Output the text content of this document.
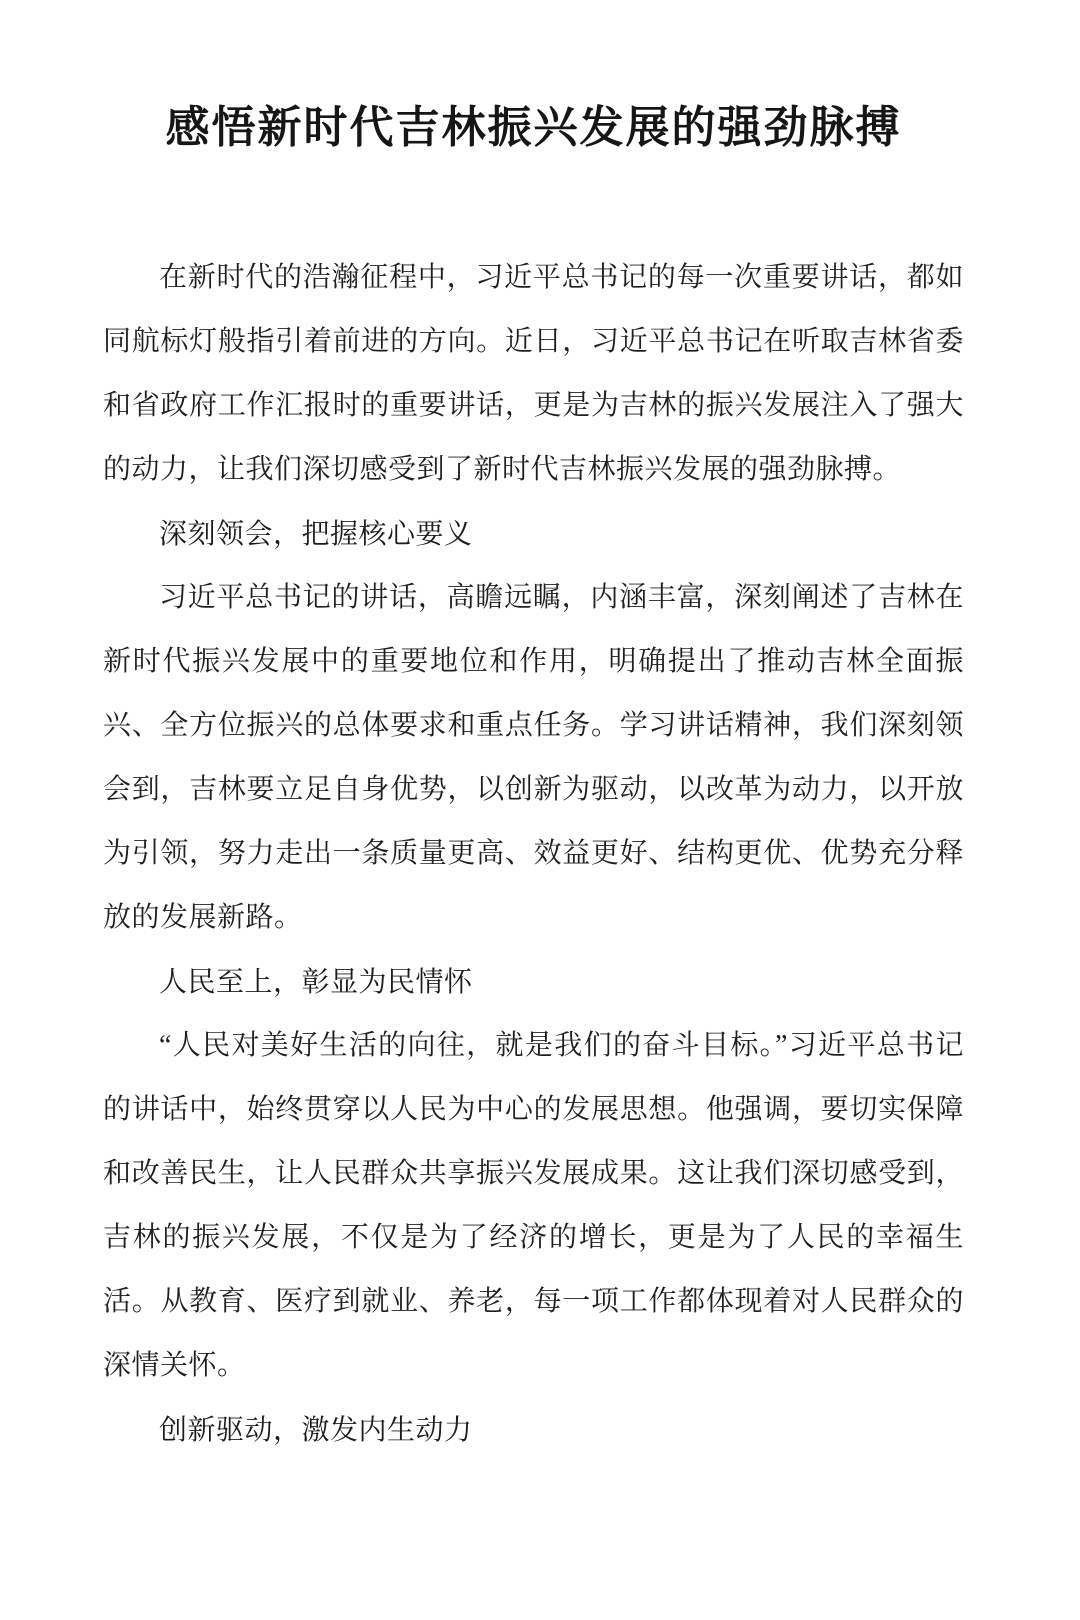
感悟新时代吉林振兴发展的强劲脉搏

在新时代的浩瀚征程中，习近平总书记的每一次重要讲话，都如同航标灯般指引着前进的方向。近日，习近平总书记在听取吉林省委和省政府工作汇报时的重要讲话，更是为吉林的振兴发展注入了强大的动力，让我们深切感受到了新时代吉林振兴发展的强劲脉搏。

深刻领会，把握核心要义

习近平总书记的讲话，高瞻远瞩，内涵丰富，深刻阐述了吉林在新时代振兴发展中的重要地位和作用，明确提出了推动吉林全面振兴、全方位振兴的总体要求和重点任务。学习讲话精神，我们深刻领会到，吉林要立足自身优势，以创新为驱动，以改革为动力，以开放为引领，努力走出一条质量更高、效益更好、结构更优、优势充分释放的发展新路。

人民至上，彰显为民情怀

“人民对美好生活的向往，就是我们的奋斗目标。”习近平总书记的讲话中，始终贯穿以人民为中心的发展思想。他强调，要切实保障和改善民生，让人民群众共享振兴发展成果。这让我们深切感受到，吉林的振兴发展，不仅是为了经济的增长，更是为了人民的幸福生活。从教育、医疗到就业、养老，每一项工作都体现着对人民群众的深情关怀。

创新驱动，激发内生动力
